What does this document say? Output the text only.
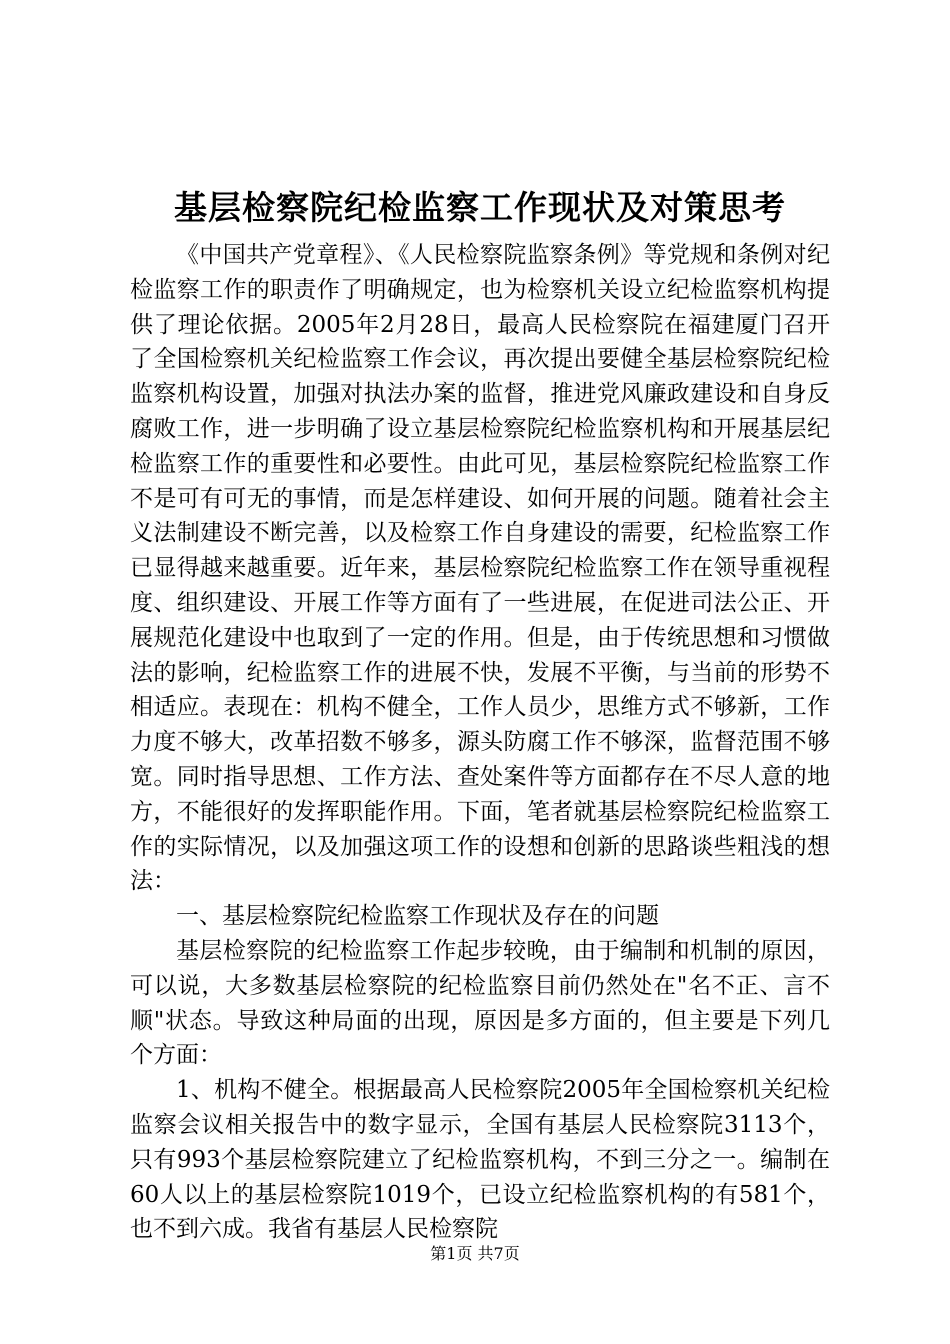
基层检察院纪检监察工作现状及对策思考

《中国共产党章程》、《人民检察院监察条例》等党规和条例对纪检监察工作的职责作了明确规定，也为检察机关设立纪检监察机构提供了理论依据。2005年2月28日，最高人民检察院在福建厦门召开了全国检察机关纪检监察工作会议，再次提出要健全基层检察院纪检监察机构设置，加强对执法办案的监督，推进党风廉政建设和自身反腐败工作，进一步明确了设立基层检察院纪检监察机构和开展基层纪检监察工作的重要性和必要性。由此可见，基层检察院纪检监察工作不是可有可无的事情，而是怎样建设、如何开展的问题。随着社会主义法制建设不断完善，以及检察工作自身建设的需要，纪检监察工作已显得越来越重要。近年来，基层检察院纪检监察工作在领导重视程度、组织建设、开展工作等方面有了一些进展，在促进司法公正、开展规范化建设中也取到了一定的作用。但是，由于传统思想和习惯做法的影响，纪检监察工作的进展不快，发展不平衡，与当前的形势不相适应。表现在：机构不健全，工作人员少，思维方式不够新，工作力度不够大，改革招数不够多，源头防腐工作不够深，监督范围不够宽。同时指导思想、工作方法、查处案件等方面都存在不尽人意的地方，不能很好的发挥职能作用。下面，笔者就基层检察院纪检监察工作的实际情况，以及加强这项工作的设想和创新的思路谈些粗浅的想法：

一、基层检察院纪检监察工作现状及存在的问题

基层检察院的纪检监察工作起步较晚，由于编制和机制的原因，可以说，大多数基层检察院的纪检监察目前仍然处在"名不正、言不顺"状态。导致这种局面的出现，原因是多方面的，但主要是下列几个方面：

1、机构不健全。根据最高人民检察院2005年全国检察机关纪检监察会议相关报告中的数字显示，全国有基层人民检察院3113个，只有993个基层检察院建立了纪检监察机构，不到三分之一。编制在60人以上的基层检察院1019个，已设立纪检监察机构的有581个，也不到六成。我省有基层人民检察院

第1页 共7页
